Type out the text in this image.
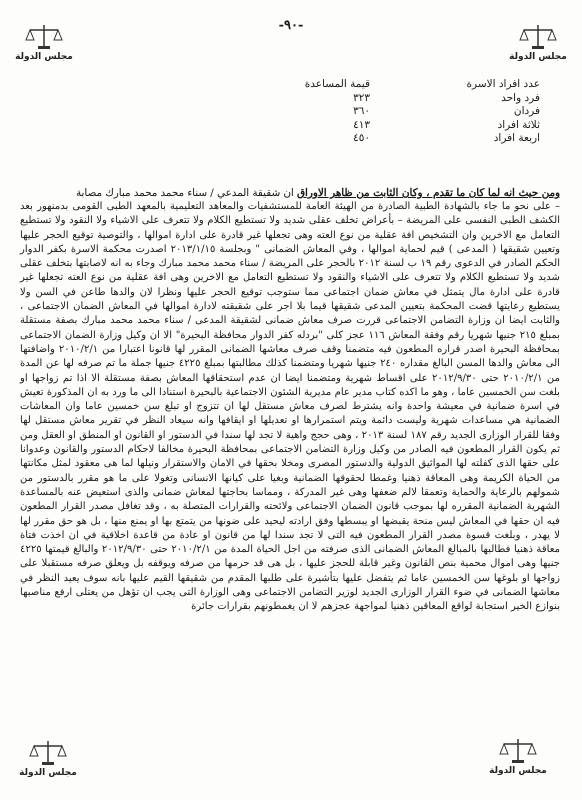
-٩٠-
مجلس الدولة	مجلس الدولة
عدد افراد الاسرة
قيمة المساعدة
فرد واحد
٣٢٣
فردان
٣٦٠
ثلاثة افراد
٤١٣
اربعة افراد
٤٥٠
ومن حيث انه لما كان ما تقدم ، وكان الثابت من ظاهر الاوراق ان شقيقة المدعي / سناء محمد محمد مبارك مصابة

– على نحو ما جاء بالشهادة الطبية الصادرة من الهيئة العامة للمستشفيات والمعاهد التعليمية بالمعهد الطبى القومى بدمنهور بعد الكشف الطبى النفسى على المريضة – بأعراض تخلف عقلى شديد ولا تستطيع الكلام ولا تتعرف على الاشياء ولا النقود ولا تستطيع التعامل مع الاخرين وان التشخيص افة عقلية من نوع العته وهى تجعلها غير قادرة على ادارة اموالها ، والتوصية توقيع الحجر عليها وتعيين شقيقها ( المدعى ) قيم لحماية اموالها ، وفي المعاش الضمانى " وبجلسة ٢٠١٣/١/١٥ اصدرت محكمة الاسرة بكفر الدوار الحكم الصادر في الدعوى رقم ١٩ ب لسنة ٢٠١٢ بالحجر على المريضة / سناء محمد محمد مبارك وجاء به انه لاصابتها بتخلف عقلى شديد ولا تستطيع الكلام ولا تتعرف على الاشياء والنقود ولا تستطيع التعامل مع الاخرين وهى افة عقلية من نوع العته تجعلها غير قادرة على ادارة مال يتمثل في معاش ضمان اجتماعى مما ستوجب توقيع الحجر عليها ونظرا لان والدها طاعن في السن ولا يستطيع رعايتها قضت المحكمة بتعيين المدعى شقيقها قيما بلا اجر على شقيقته لادارة اموالها في المعاش الضمان الاجتماعى ، والثابت ايضا ان وزارة التضامن الاجتماعى قررت صرف معاش ضمانى لشقيقة المدعى / سناء محمد محمد مبارك بصفة مستقلة بمبلغ ٢١٥ جنيها شهريا رقم وفقة المعاش ١١٦ عجز كلى "بردله كفر الدوار محافظة البحيرة" الا ان وكيل وزارة الضمان الاجتماعى بمحافظة البحيرة اصدر قراره المطعون فيه متضمنا وقف صرف معاشها الضمانى المقرر لها قانونا اعتبارا من ٢٠١٠/٢/١ واضافتها الى معاش والدها المسن البالغ مقداره ٢٤٠ جنيها شهريا ومتضمنا كذلك مطالبتها بمبلغ ٤٢٢٥ جنيها جملة ما تم صرفه لها عن المدة من ٢٠١٠/٢/١ حتى ٢٠١٢/٩/٣٠ على اقساط شهرية ومتضمنا ايضا ان عدم استحقاقها المعاش بصفة مستقلة الا اذا تم زواجها او بلغت سن الخمسين عاما ، وهو ما اكده كتاب مدير عام مديرية الشئون الاجتماعية بالبحيرة استنادا الى ما ورد به ان المذكورة تعيش في اسرة ضمانية في معيشة واحدة وانه يشترط لصرف معاش مستقل لها ان تتزوج او تبلغ سن خمسين عاما وان المعاشات الضمانية هي مساعدات شهرية وليست دائمة ويتم استمرارها او تعديلها او ايقافها وانه سيعاد النظر في تقرير معاش مستقل لها وفقا للقرار الوزارى الجديد رقم ١٨٧ لسنة ٢٠١٣ ، وهى حجج واهية لا تجد لها سندا في الدستور او القانون او المنطق او العقل ومن ثم يكون القرار المطعون فيه الصادر من وكيل وزارة التضامن الاجتماعى بمحافظة البحيرة مخالفا لاحكام الدستور والقانون وعدوانا على حقها الذى كفلته لها المواثيق الدولية والدستور المصرى ومخلا بحقها في الامان والاستقرار ونيلها لما هى معقود لمثل مكانتها من الحياة الكريمة وهى المعاقة ذهنيا وغمطا لحقوقها الضمانية وبغيا على كيانها الانسانى وتغولا على ما هو مقرر بالدستور من شمولهم بالرعاية والحماية وتعمقا لالم ضعفها وهى غير المدركة ، ومماسا بحاجتها لمعاش ضمانى والذى استعيض عنه بالمساعدة الشهرية الضمانية المقرره لها بموجب قانون الضمان الاجتماعى ولائحته والقرارات المتصلة به ، وقد تغافل مصدر القرار المطعون فيه ان حقها في المعاش ليس منحة يقبضها او يبسطها وفق ارادته ليحيد على ضونها من يتمتع بها او يمنع منها ، بل هو حق مقرر لها لا يهدر ، وبلغت قسوة مصدر القرار المطعون فيه التى لا تجد سندا لها من قانون او عادة من قاعدة اخلاقية في ان اخذت فتاة معاقة ذهنيا فطالبها بالمبالغ المعاش الضمانى الذى صرفته من اجل الحياة المدة من ٢٠١٠/٢/١ حتى ٢٠١٢/٩/٣٠ والبالغ قيمتها ٤٢٢٥ جنيها وهى اموال محمية بنص القانون وغير قابلة للحجز عليها ، بل هى قد حرمها من صرفه ويوقفه بل ويعلق صرفه مستقبلا على زواجها او بلوغها سن الخمسين عاما ثم يتفضل عليها بتأشيرة على طلبها المقدم من شقيقها القيم عليها بانه سوف يعيد النظر في معاشها الضمانى في ضوء القرار الوزارى الجديد لوزير التضامن الاجتماعى وهى الوزارة التى يجب ان تؤهل من يعتلى ارفع مناصبها بنوازع الخير استجابة لواقع المعاقين ذهنيا لمواجهة عجزهم لا ان يغمطونهم بقرارات جائرة

مجلس الدولة	مجلس الدولة
